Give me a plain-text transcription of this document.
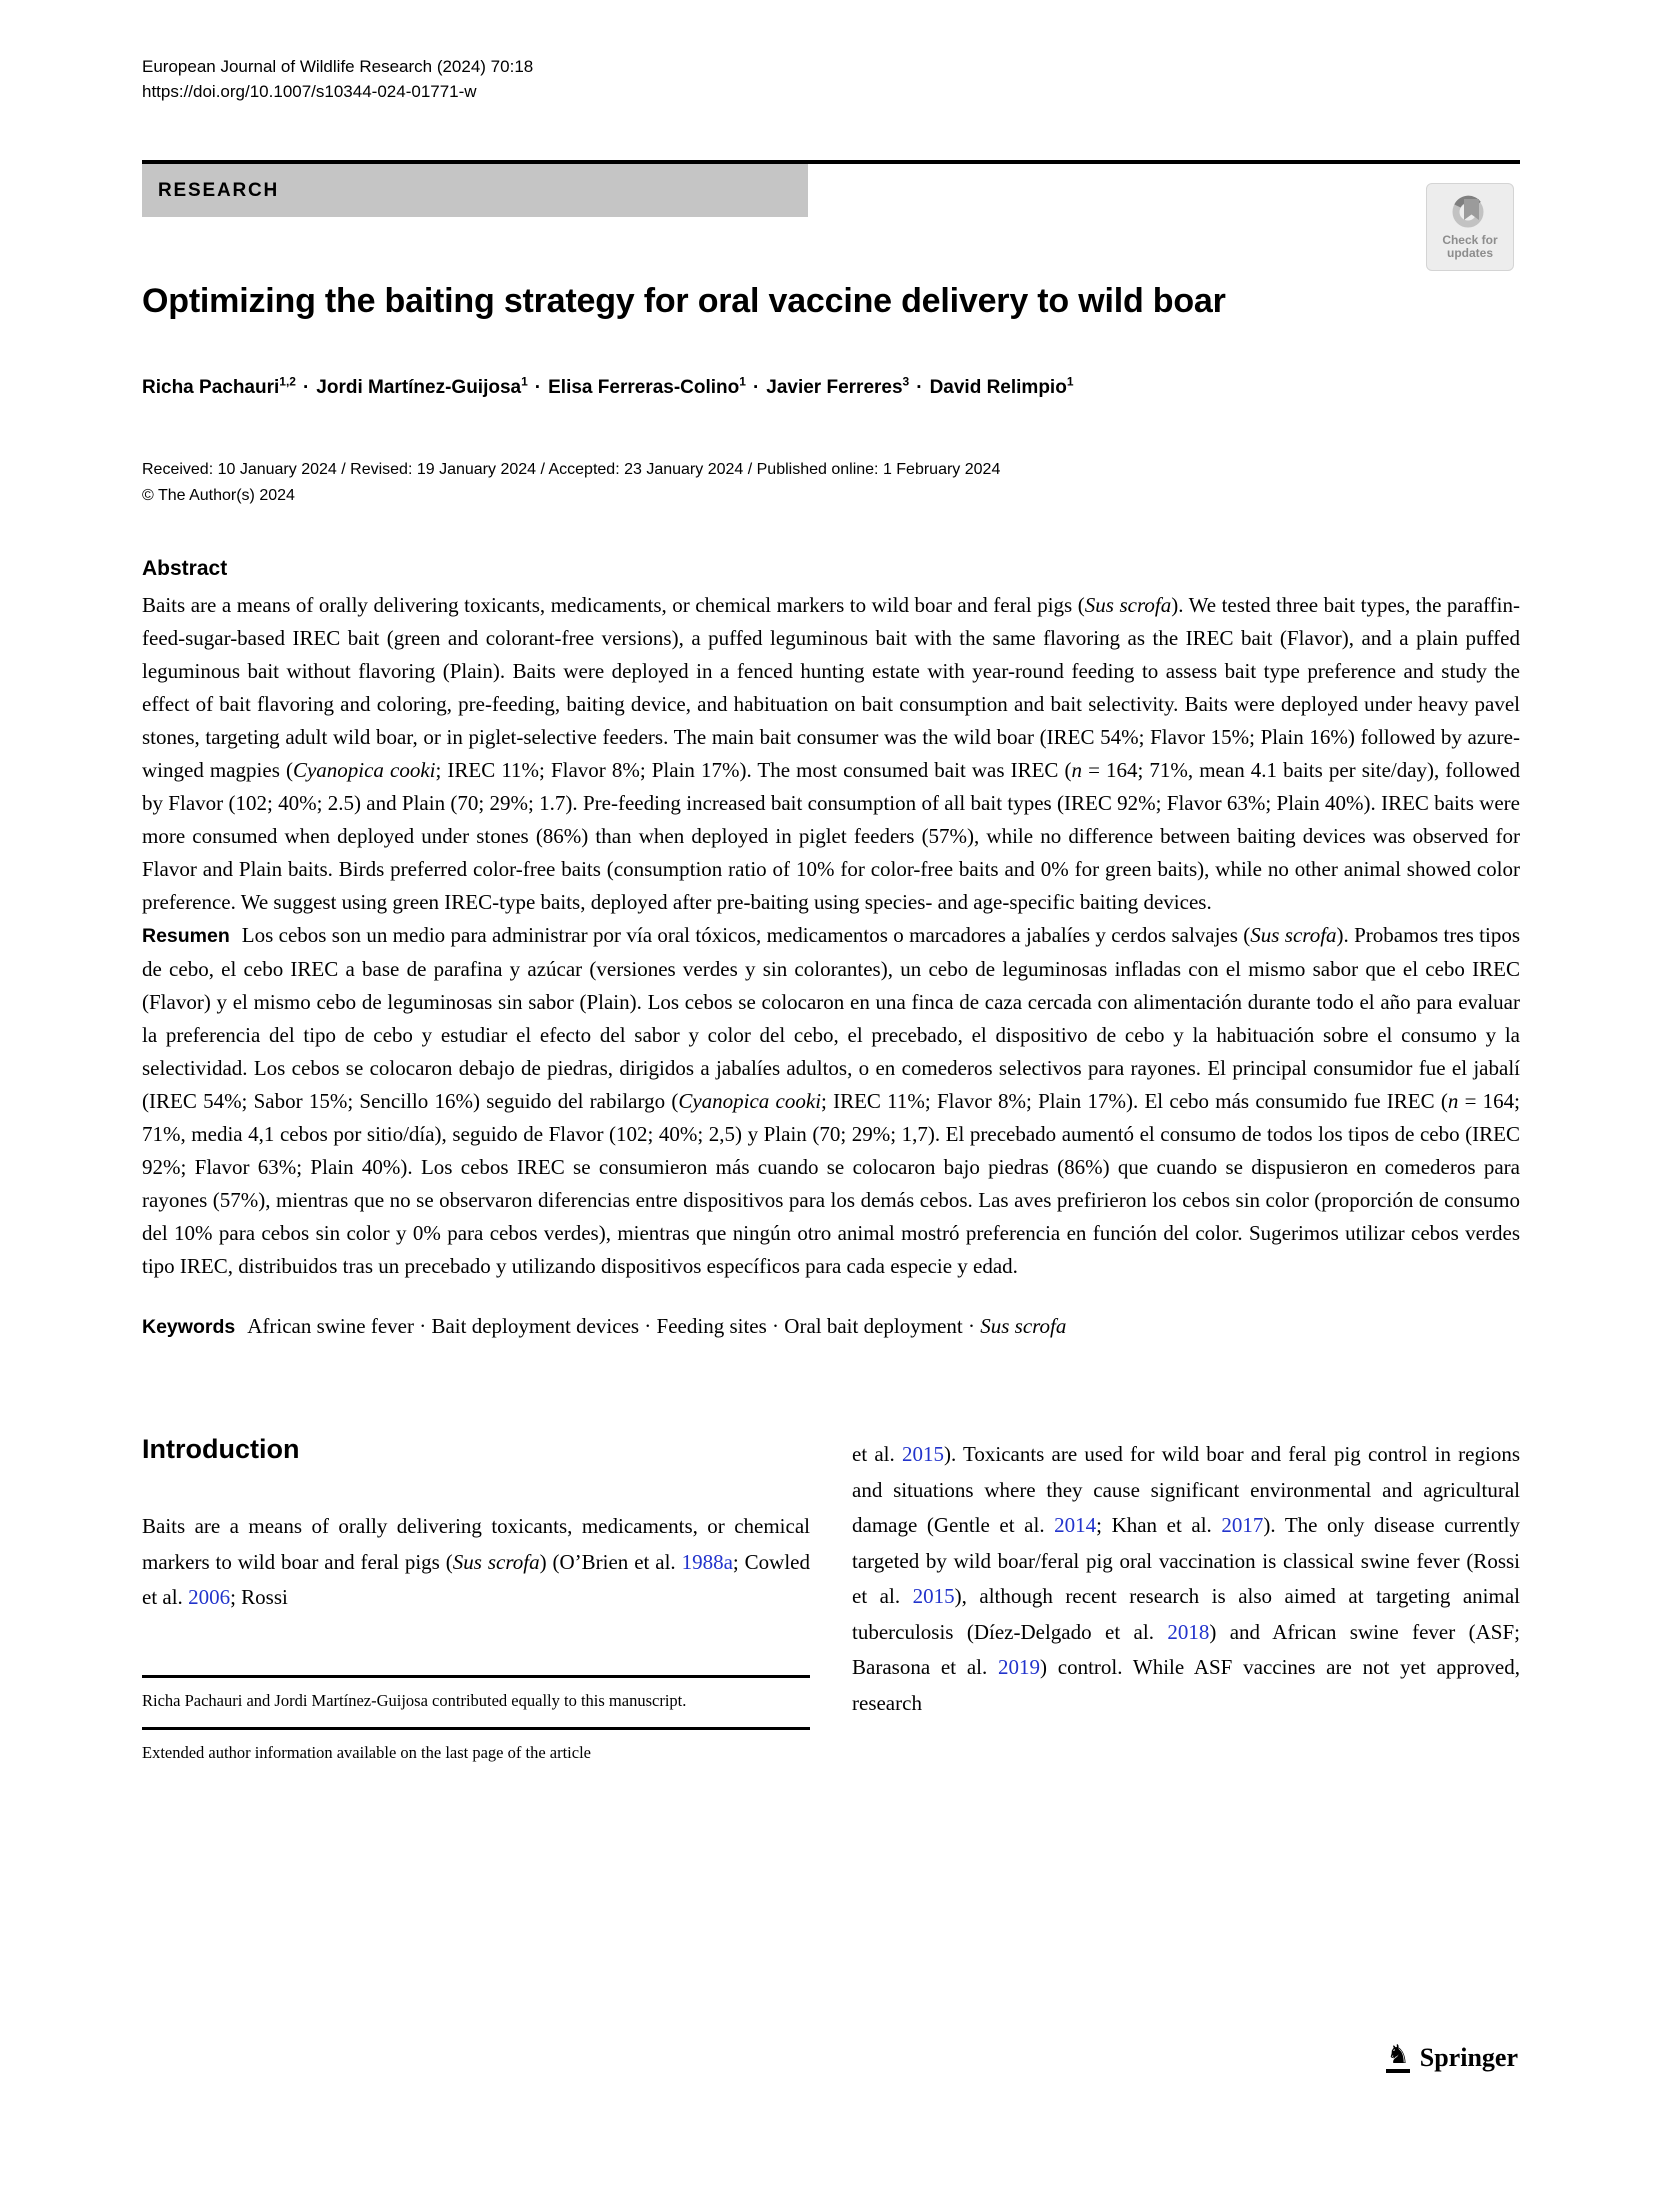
European Journal of Wildlife Research (2024) 70:18
https://doi.org/10.1007/s10344-024-01771-w
RESEARCH
Check for
updates
Optimizing the baiting strategy for oral vaccine delivery to wild boar
Richa Pachauri$^{1,2}$ · Jordi Martínez-Guijosa$^1$ · Elisa Ferreras-Colino$^1$ · Javier Ferreres$^3$ · David Relimpio$^1$
Received: 10 January 2024 / Revised: 19 January 2024 / Accepted: 23 January 2024 / Published online: 1 February 2024
© The Author(s) 2024
Abstract

Baits are a means of orally delivering toxicants, medicaments, or chemical markers to wild boar and feral pigs (Sus scrofa). We tested three bait types, the paraffin-feed-sugar-based IREC bait (green and colorant-free versions), a puffed leguminous bait with the same flavoring as the IREC bait (Flavor), and a plain puffed leguminous bait without flavoring (Plain). Baits were deployed in a fenced hunting estate with year-round feeding to assess bait type preference and study the effect of bait flavoring and coloring, pre-feeding, baiting device, and habituation on bait consumption and bait selectivity. Baits were deployed under heavy pavel stones, targeting adult wild boar, or in piglet-selective feeders. The main bait consumer was the wild boar (IREC 54%; Flavor 15%; Plain 16%) followed by azure-winged magpies (Cyanopica cooki; IREC 11%; Flavor 8%; Plain 17%). The most consumed bait was IREC (n = 164; 71%, mean 4.1 baits per site/day), followed by Flavor (102; 40%; 2.5) and Plain (70; 29%; 1.7). Pre-feeding increased bait consumption of all bait types (IREC 92%; Flavor 63%; Plain 40%). IREC baits were more consumed when deployed under stones (86%) than when deployed in piglet feeders (57%), while no difference between baiting devices was observed for Flavor and Plain baits. Birds preferred color-free baits (consumption ratio of 10% for color-free baits and 0% for green baits), while no other animal showed color preference. We suggest using green IREC-type baits, deployed after pre-baiting using species- and age-specific baiting devices.

Resumen Los cebos son un medio para administrar por vía oral tóxicos, medicamentos o marcadores a jabalíes y cerdos salvajes (Sus scrofa). Probamos tres tipos de cebo, el cebo IREC a base de parafina y azúcar (versiones verdes y sin colorantes), un cebo de leguminosas infladas con el mismo sabor que el cebo IREC (Flavor) y el mismo cebo de leguminosas sin sabor (Plain). Los cebos se colocaron en una finca de caza cercada con alimentación durante todo el año para evaluar la preferencia del tipo de cebo y estudiar el efecto del sabor y color del cebo, el precebado, el dispositivo de cebo y la habituación sobre el consumo y la selectividad. Los cebos se colocaron debajo de piedras, dirigidos a jabalíes adultos, o en comederos selectivos para rayones. El principal consumidor fue el jabalí (IREC 54%; Sabor 15%; Sencillo 16%) seguido del rabilargo (Cyanopica cooki; IREC 11%; Flavor 8%; Plain 17%). El cebo más consumido fue IREC (n = 164; 71%, media 4,1 cebos por sitio/día), seguido de Flavor (102; 40%; 2,5) y Plain (70; 29%; 1,7). El precebado aumentó el consumo de todos los tipos de cebo (IREC 92%; Flavor 63%; Plain 40%). Los cebos IREC se consumieron más cuando se colocaron bajo piedras (86%) que cuando se dispusieron en comederos para rayones (57%), mientras que no se observaron diferencias entre dispositivos para los demás cebos. Las aves prefirieron los cebos sin color (proporción de consumo del 10% para cebos sin color y 0% para cebos verdes), mientras que ningún otro animal mostró preferencia en función del color. Sugerimos utilizar cebos verdes tipo IREC, distribuidos tras un precebado y utilizando dispositivos específicos para cada especie y edad.

Keywords African swine fever · Bait deployment devices · Feeding sites · Oral bait deployment · Sus scrofa
Introduction

Baits are a means of orally delivering toxicants, medicaments, or chemical markers to wild boar and feral pigs (Sus scrofa) (O’Brien et al. 1988a; Cowled et al. 2006; Rossi

Richa Pachauri and Jordi Martínez-Guijosa contributed equally to this manuscript.

Extended author information available on the last page of the article

et al. 2015). Toxicants are used for wild boar and feral pig control in regions and situations where they cause significant environmental and agricultural damage (Gentle et al. 2014; Khan et al. 2017). The only disease currently targeted by wild boar/feral pig oral vaccination is classical swine fever (Rossi et al. 2015), although recent research is also aimed at targeting animal tuberculosis (Díez-Delgado et al. 2018) and African swine fever (ASF; Barasona et al. 2019) control. While ASF vaccines are not yet approved, research

♞ Springer
